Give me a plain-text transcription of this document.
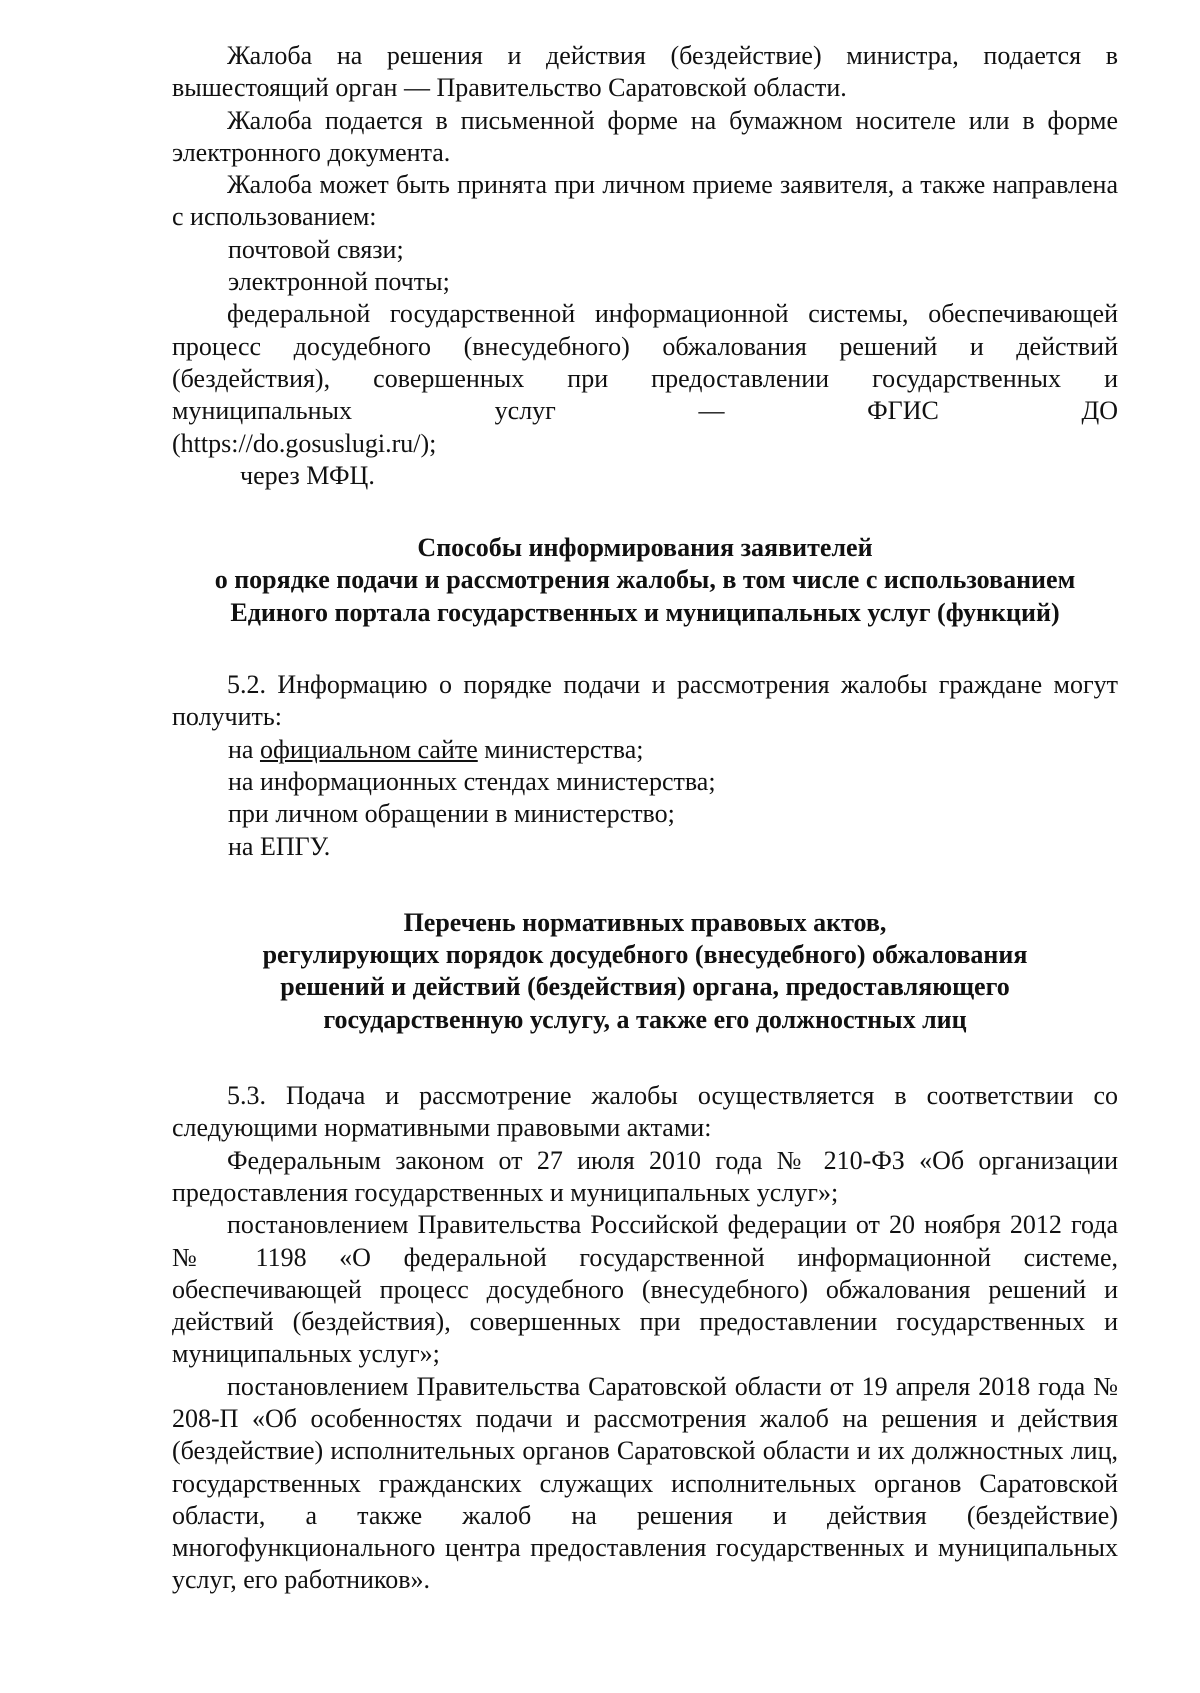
Жалоба на решения и действия (бездействие) министра, подается в вышестоящий орган — Правительство Саратовской области.

Жалоба подается в письменной форме на бумажном носителе или в форме электронного документа.

Жалоба может быть принята при личном приеме заявителя, а также направлена с использованием:

почтовой связи;

электронной почты;

федеральной государственной информационной системы, обеспечивающей процесс досудебного (внесудебного) обжалования решений и действий (бездействия), совершенных при предоставлении государственных и муниципальных услуг — ФГИС ДО

(https://do.gosuslugi.ru/);

через МФЦ.

Способы информирования заявителей
о порядке подачи и рассмотрения жалобы, в том числе с использованием
Единого портала государственных и муниципальных услуг (функций)

5.2. Информацию о порядке подачи и рассмотрения жалобы граждане могут получить:

на официальном сайте министерства;

на информационных стендах министерства;

при личном обращении в министерство;

на ЕПГУ.

Перечень нормативных правовых актов,
регулирующих порядок досудебного (внесудебного) обжалования
решений и действий (бездействия) органа, предоставляющего
государственную услугу, а также его должностных лиц

5.3. Подача и рассмотрение жалобы осуществляется в соответствии со следующими нормативными правовыми актами:

Федеральным законом от 27 июля 2010 года № 210-ФЗ «Об организации предоставления государственных и муниципальных услуг»;

постановлением Правительства Российской федерации от 20 ноября 2012 года № 1198 «О федеральной государственной информационной системе, обеспечивающей процесс досудебного (внесудебного) обжалования решений и действий (бездействия), совершенных при предоставлении государственных и муниципальных услуг»;

постановлением Правительства Саратовской области от 19 апреля 2018 года № 208-П «Об особенностях подачи и рассмотрения жалоб на решения и действия (бездействие) исполнительных органов Саратовской области и их должностных лиц, государственных гражданских служащих исполнительных органов Саратовской области, а также жалоб на решения и действия (бездействие) многофункционального центра предоставления государственных и муниципальных услуг, его работников».
